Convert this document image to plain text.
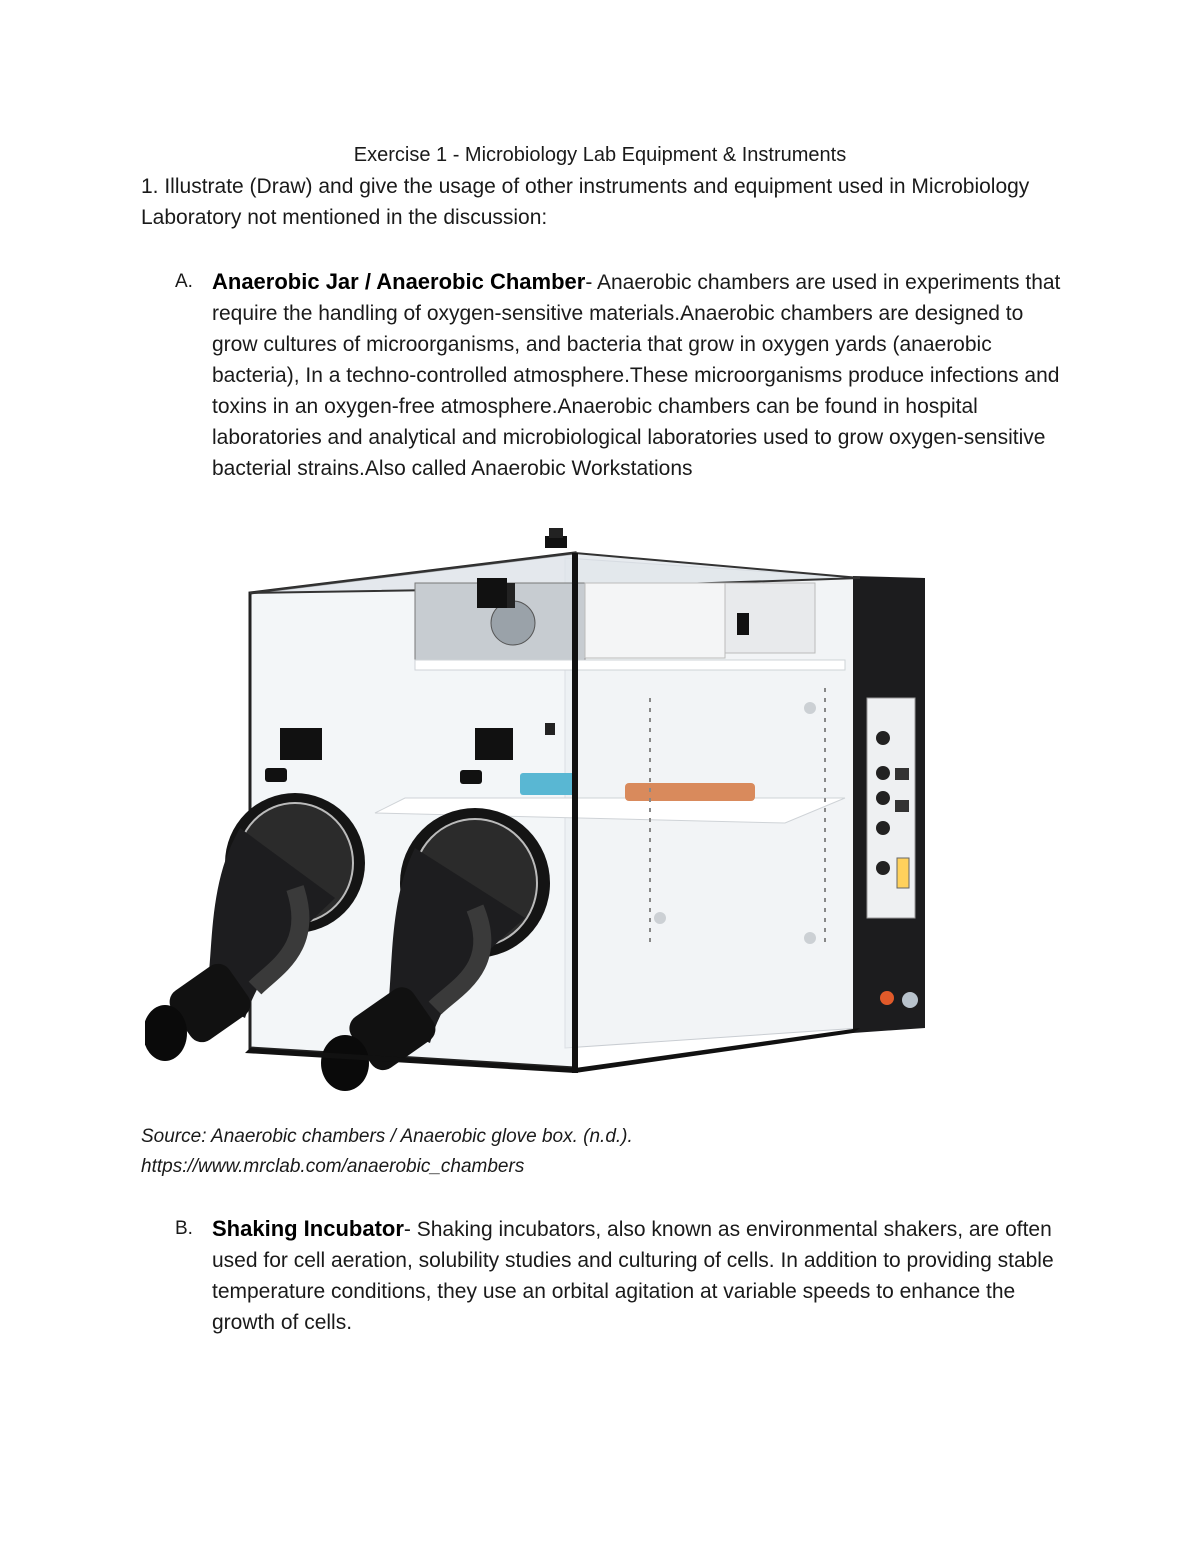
Exercise 1 - Microbiology Lab Equipment & Instruments
1. Illustrate (Draw) and give the usage of other instruments and equipment used in Microbiology Laboratory not mentioned in the discussion:
A. Anaerobic Jar / Anaerobic Chamber- Anaerobic chambers are used in experiments that require the handling of oxygen-sensitive materials.Anaerobic chambers are designed to grow cultures of microorganisms, and bacteria that grow in oxygen yards (anaerobic bacteria), In a techno-controlled atmosphere.These microorganisms produce infections and toxins in an oxygen-free atmosphere.Anaerobic chambers can be found in hospital laboratories and analytical and microbiological laboratories used to grow oxygen-sensitive bacterial strains.Also called Anaerobic Workstations
Source: Anaerobic chambers / Anaerobic glove box. (n.d.).
https://www.mrclab.com/anaerobic_chambers
B. Shaking Incubator- Shaking incubators, also known as environmental shakers, are often used for cell aeration, solubility studies and culturing of cells. In addition to providing stable temperature conditions, they use an orbital agitation at variable speeds to enhance the growth of cells.
